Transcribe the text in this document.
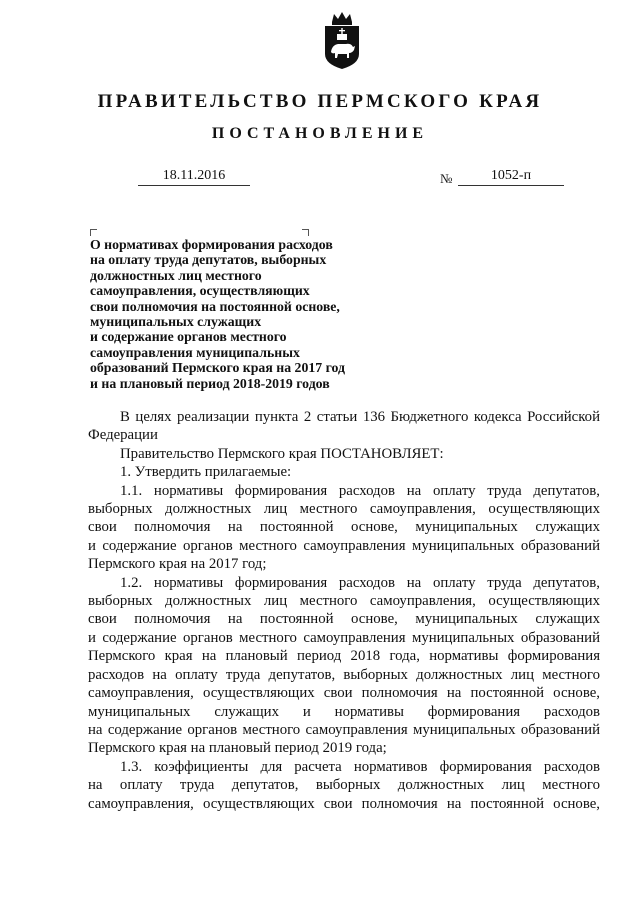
ПРАВИТЕЛЬСТВО ПЕРМСКОГО КРАЯ
ПОСТАНОВЛЕНИЕ
18.11.2016	№	1052-п
О нормативах формирования расходов
на оплату труда депутатов, выборных
должностных лиц местного
самоуправления, осуществляющих
свои полномочия на постоянной основе,
муниципальных служащих
и содержание органов местного
самоуправления муниципальных
образований Пермского края на 2017 год
и на плановый период 2018-2019 годов

В целях реализации пункта 2 статьи 136 Бюджетного кодекса Российской

Федерации

Правительство Пермского края ПОСТАНОВЛЯЕТ:

1. Утвердить прилагаемые:

1.1. нормативы формирования расходов на оплату труда депутатов,

выборных должностных лиц местного самоуправления, осуществляющих

свои полномочия на постоянной основе, муниципальных служащих

и содержание органов местного самоуправления муниципальных образований

Пермского края на 2017 год;

1.2. нормативы формирования расходов на оплату труда депутатов,

выборных должностных лиц местного самоуправления, осуществляющих

свои полномочия на постоянной основе, муниципальных служащих

и содержание органов местного самоуправления муниципальных образований

Пермского края на плановый период 2018 года, нормативы формирования

расходов на оплату труда депутатов, выборных должностных лиц местного

самоуправления, осуществляющих свои полномочия на постоянной основе,

муниципальных служащих и нормативы формирования расходов

на содержание органов местного самоуправления муниципальных образований

Пермского края на плановый период 2019 года;

1.3. коэффициенты для расчета нормативов формирования расходов

на оплату труда депутатов, выборных должностных лиц местного

самоуправления, осуществляющих свои полномочия на постоянной основе,
